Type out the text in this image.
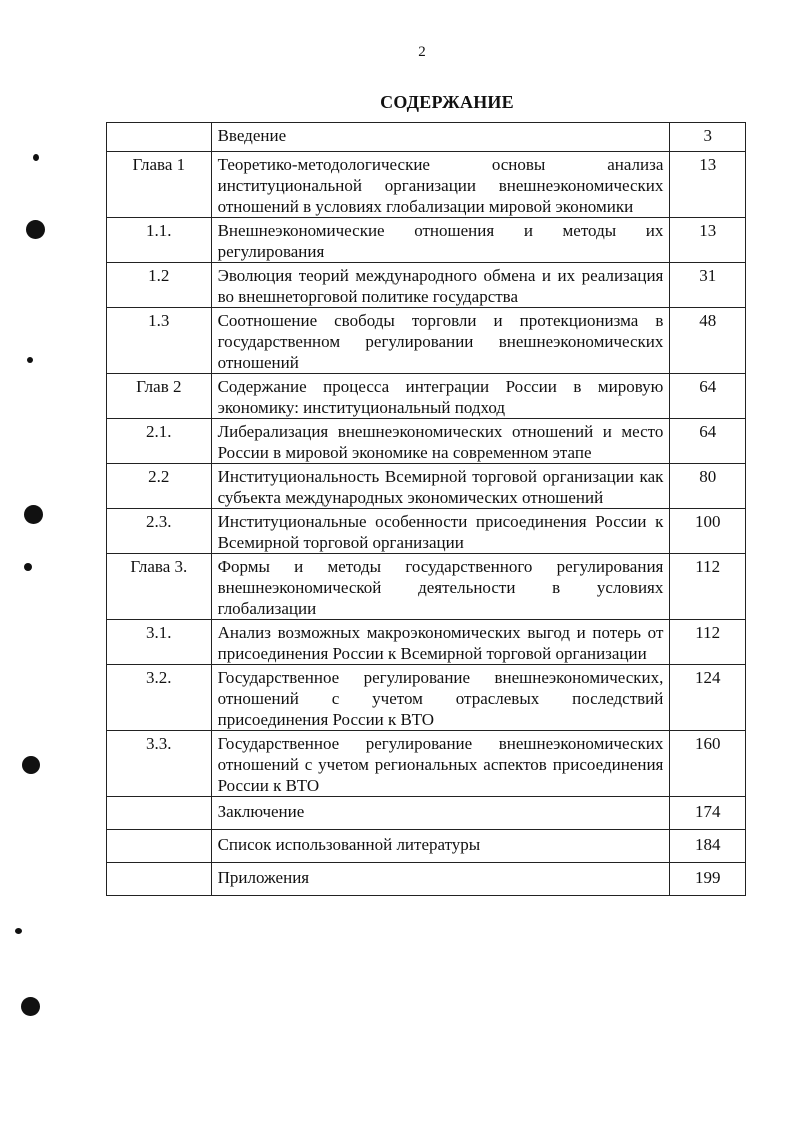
2
СОДЕРЖАНИЕ
	Введение	3
Глава 1	Теоретико-методологические основы анализа институциональной организации внешнеэкономических отношений в условиях глобализации мировой экономики	13
1.1.	Внешнеэкономические отношения и методы их регулирования	13
1.2	Эволюция теорий международного обмена и их реализация во внешнеторговой политике государства	31
1.3	Соотношение свободы торговли и протекционизма в государственном регулировании внешнеэкономических отношений	48
Глав 2	Содержание процесса интеграции России в мировую экономику: институциональный подход	64
2.1.	Либерализация внешнеэкономических отношений и место России в мировой экономике на современном этапе	64
2.2	Институциональность Всемирной торговой организации как субъекта международных экономических отношений	80
2.3.	Институциональные особенности присоединения России к Всемирной торговой организации	100
Глава 3.	Формы и методы государственного регулирования внешнеэкономической деятельности в условиях глобализации	112
3.1.	Анализ возможных макроэкономических выгод и потерь от присоединения России к Всемирной торговой организации	112
3.2.	Государственное регулирование внешнеэкономических, отношений с учетом отраслевых последствий присоединения России к ВТО	124
3.3.	Государственное регулирование внешнеэкономических отношений с учетом региональных аспектов присоединения России к ВТО	160
	Заключение	174
	Список использованной литературы	184
	Приложения	199
